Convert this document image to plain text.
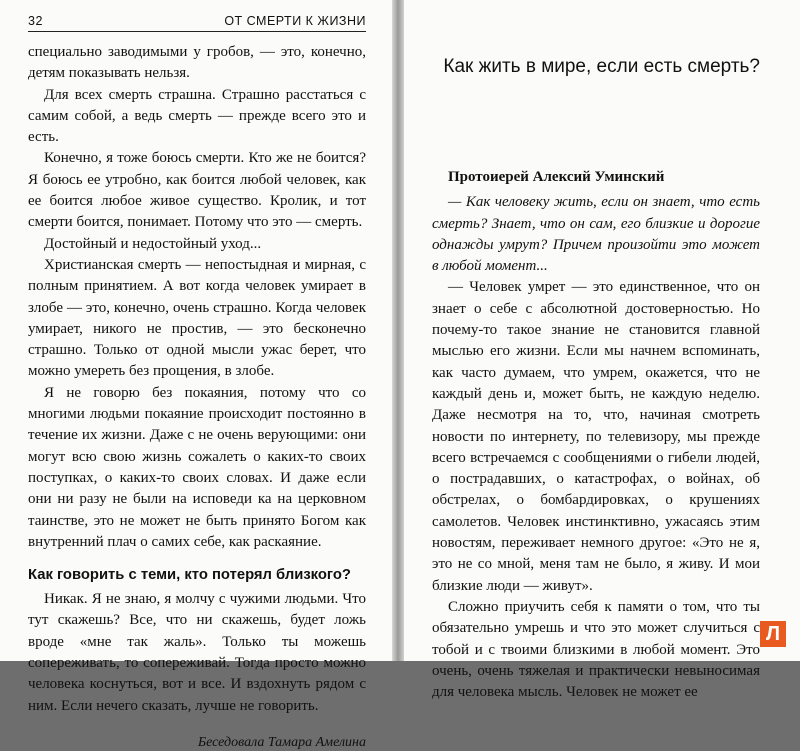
32	ОТ СМЕРТИ К ЖИЗНИ

специально заводимыми у гробов, — это, конечно, детям показывать нельзя.

Для всех смерть страшна. Страшно расстаться с самим собой, а ведь смерть — прежде всего это и есть.

Конечно, я тоже боюсь смерти. Кто же не боится? Я боюсь ее утробно, как боится любой человек, как ее боится любое живое существо. Кролик, и тот смерти боится, понимает. Потому что это — смерть.

Достойный и недостойный уход...

Христианская смерть — непостыдная и мирная, с полным принятием. А вот когда человек умирает в злобе — это, конечно, очень страшно. Когда человек умирает, никого не простив, — это бесконечно страшно. Только от одной мысли ужас берет, что можно умереть без прощения, в злобе.

Я не говорю без покаяния, потому что со многими людьми покаяние происходит постоянно в течение их жизни. Даже с не очень верующими: они могут всю свою жизнь сожалеть о каких-то своих поступках, о каких-то своих словах. И даже если они ни разу не были на исповеди ка на церковном таинстве, это не может не быть принято Богом как внутренний плач о самих себе, как раскаяние.

Как говорить с теми, кто потерял близкого?

Никак. Я не знаю, я молчу с чужими людьми. Что тут скажешь? Все, что ни скажешь, будет ложь вроде «мне так жаль». Только ты можешь сопереживать, то сопереживай. Тогда просто можно человека коснуться, вот и все. И вздохнуть рядом с ним. Если нечего сказать, лучше не говорить.

Беседовала Тамара Амелина
Как жить в мире, если есть смерть?

Протоиерей Алексий Уминский

— Как человеку жить, если он знает, что есть смерть? Знает, что он сам, его близкие и дорогие однажды умрут? Причем произойти это может в любой момент...

— Человек умрет — это единственное, что он знает о себе с абсолютной достоверностью. Но почему-то такое знание не становится главной мыслью его жизни. Если мы начнем вспоминать, как часто думаем, что умрем, окажется, что не каждый день и, может быть, не каждую неделю. Даже несмотря на то, что, начиная смотреть новости по интернету, по телевизору, мы прежде всего встречаемся с сообщениями о гибели людей, о пострадавших, о катастрофах, о войнах, об обстрелах, о бомбардировках, о крушениях самолетов. Человек инстинктивно, ужасаясь этим новостям, переживает немного другое: «Это не я, это не со мной, меня там не было, я живу. И мои близкие люди — живут».

Сложно приучить себя к памяти о том, что ты обязательно умрешь и что это может случиться с тобой и с твоими близкими в любой момент. Это очень, очень тяжелая и практически невыносимая для человека мысль. Человек не может ее

Л
